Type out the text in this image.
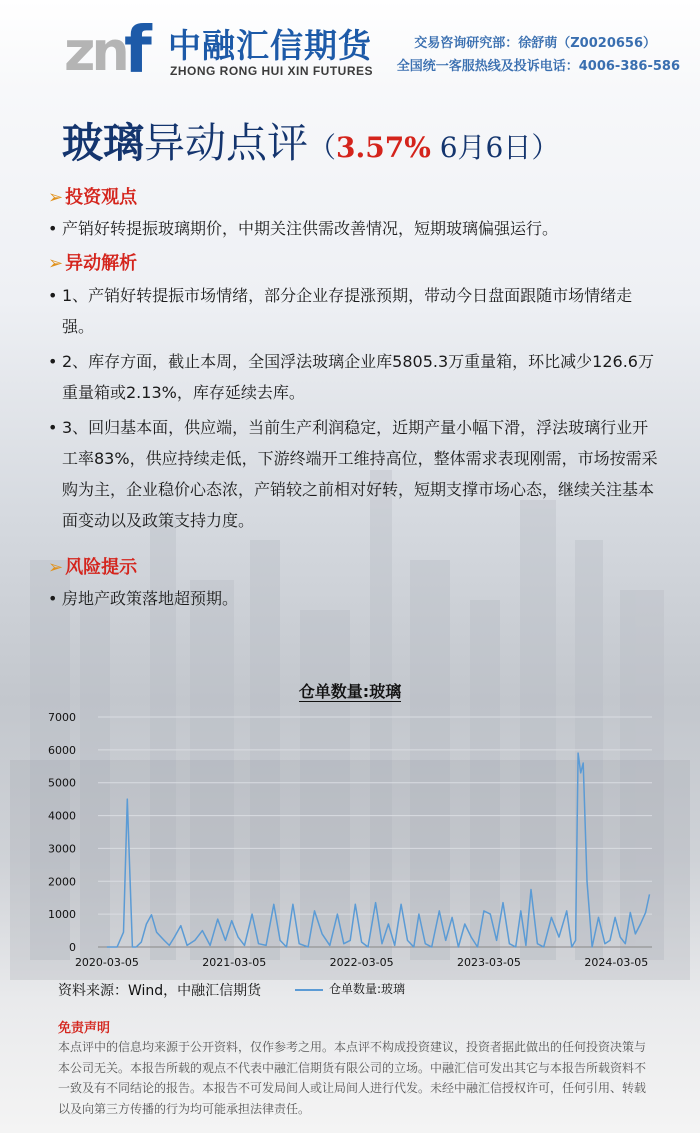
zn
f 中融汇信期货
ZHONG RONG HUI XIN FUTURES
交易咨询研究部：徐舒萌（Z0020656）
全国统一客服热线及投诉电话：4006-386-586
玻璃异动点评（3.57% 6月6日）
➢ 投资观点
• 产销好转提振玻璃期价，中期关注供需改善情况，短期玻璃偏强运行。
➢ 异动解析
• 1、产销好转提振市场情绪，部分企业存提涨预期，带动今日盘面跟随市场情绪走强。
• 2、库存方面，截止本周，全国浮法玻璃企业库5805.3万重量箱，环比减少126.6万重量箱或2.13%，库存延续去库。
• 3、回归基本面，供应端，当前生产利润稳定，近期产量小幅下滑，浮法玻璃行业开工率83%，供应持续走低，下游终端开工维持高位，整体需求表现刚需，市场按需采购为主，企业稳价心态浓，产销较之前相对好转，短期支撑市场心态，继续关注基本面变动以及政策支持力度。
➢ 风险提示
• 房地产政策落地超预期。
仓单数量:玻璃
0
1000
2000
3000
4000
5000
6000
7000
2020-03-05	2021-03-05	2022-03-05	2023-03-05	2024-03-05
资料来源：Wind，中融汇信期货	仓单数量:玻璃
免责声明
本点评中的信息均来源于公开资料，仅作参考之用。本点评不构成投资建议，投资者据此做出的任何投资决策与本公司无关。本报告所载的观点不代表中融汇信期货有限公司的立场。中融汇信可发出其它与本报告所载资料不一致及有不同结论的报告。本报告不可发局间人或让局间人进行代发。未经中融汇信授权许可，任何引用、转载以及向第三方传播的行为均可能承担法律责任。
